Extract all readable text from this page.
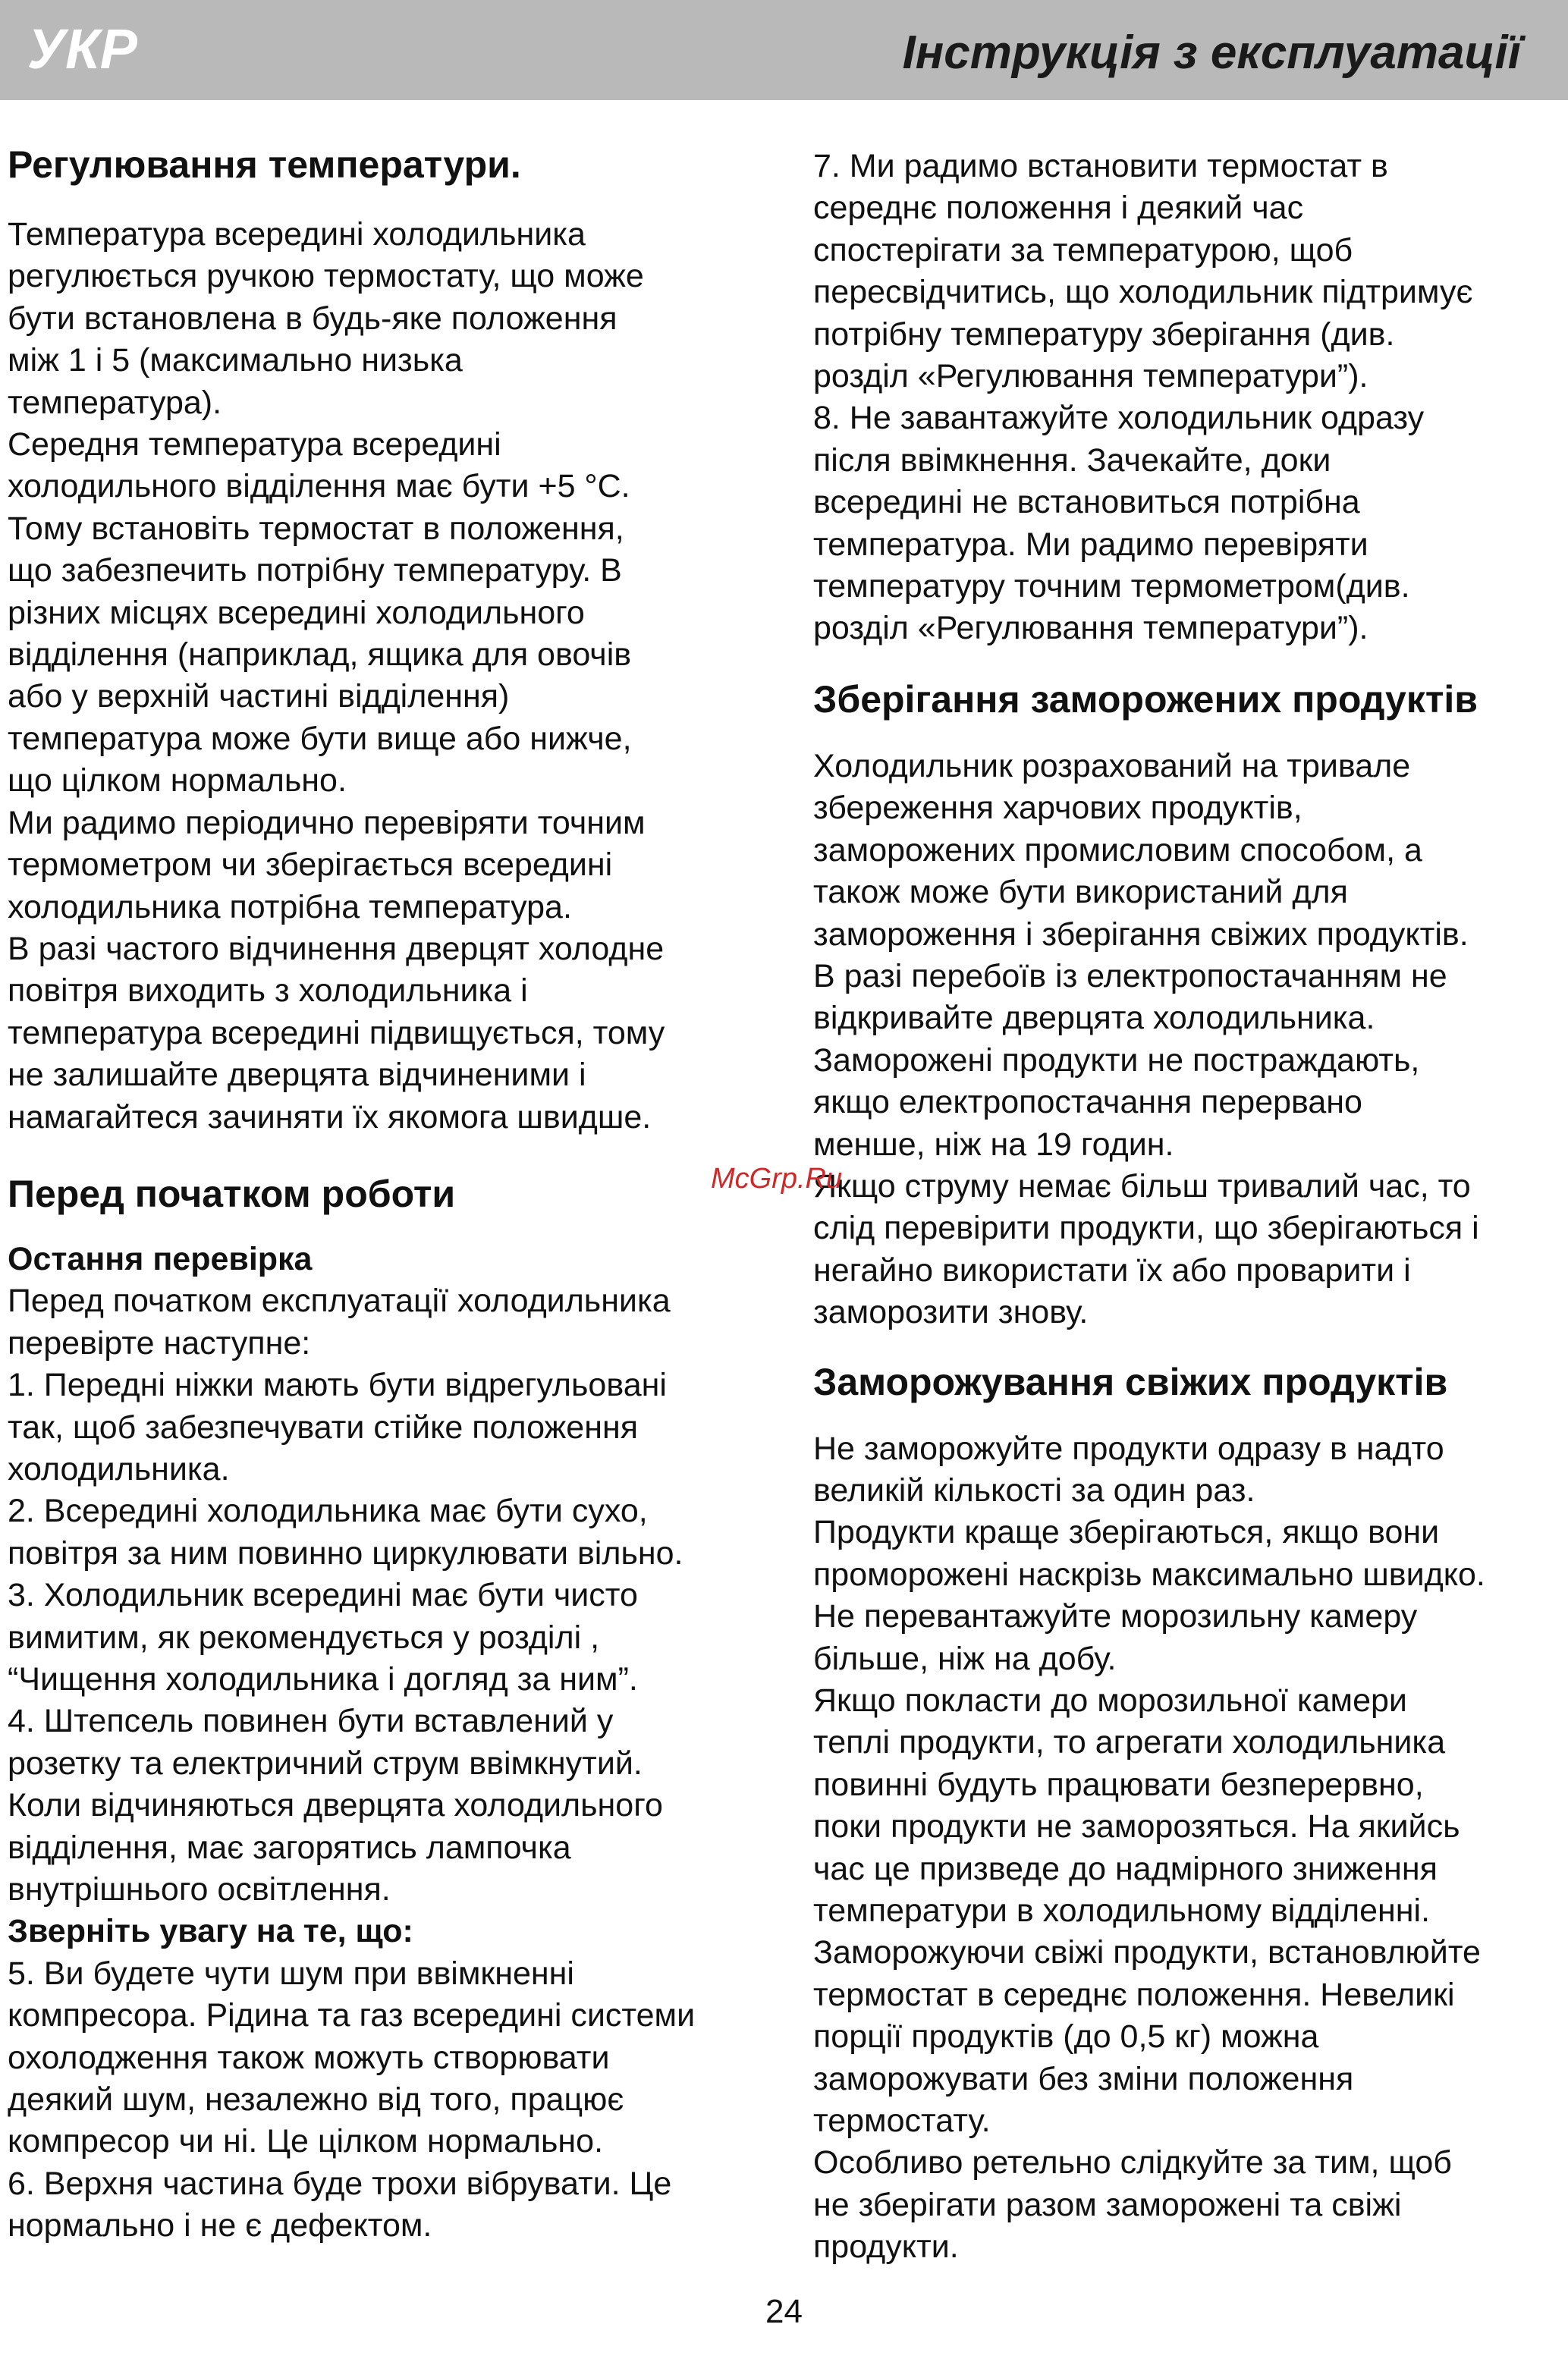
УКР	Інструкція з експлуатації
Регулювання температури.

Температура всередині холодильника

регулюється ручкою термостату, що може

бути встановлена в будь-яке положення

між 1 і 5 (максимально низька

температура).

Середня температура всередині

холодильного відділення має бути +5 °С.

Тому встановіть термостат в положення,

що забезпечить потрібну температуру. В

різних місцях всередині холодильного

відділення (наприклад, ящика для овочів

або у верхній частині відділення)

температура може бути вище або нижче,

що цілком нормально.

Ми радимо періодично перевіряти точним

термометром чи зберігається всередині

холодильника потрібна температура.

В разі частого відчинення дверцят холодне

повітря виходить з холодильника і

температура всередині підвищується, тому

не залишайте дверцята відчиненими і

намагайтеся зачиняти їх якомога швидше.

Перед початком роботи
Остання перевірка

Перед початком експлуатації холодильника

перевірте наступне:

1. Передні ніжки мають бути відрегульовані

так, щоб забезпечувати стійке положення

холодильника.

2. Всередині холодильника має бути сухо,

повітря за ним повинно циркулювати вільно.

3. Холодильник всередині має бути чисто

вимитим, як рекомендується у розділі ,

“Чищення холодильника і догляд за ним”.

4. Штепсель повинен бути вставлений у

розетку та електричний струм ввімкнутий.

Коли відчиняються дверцята холодильного

відділення, має загорятись лампочка

внутрішнього освітлення.

Зверніть увагу на те, що:

5. Ви будете чути шум при ввімкненні

компресора. Рідина та газ всередині системи

охолодження також можуть створювати

деякий шум, незалежно від того, працює

компресор чи ні. Це цілком нормально.

6. Верхня частина буде трохи вібрувати. Це

нормально і не є дефектом.

7. Ми радимо встановити термостат в

середнє положення і деякий час

спостерігати за температурою, щоб

пересвідчитись, що холодильник підтримує

потрібну температуру зберігання (див.

розділ «Регулювання температури”).

8. Не завантажуйте холодильник одразу

після ввімкнення. Зачекайте, доки

всередині не встановиться потрібна

температура. Ми радимо перевіряти

температуру точним термометром(див.

розділ «Регулювання температури”).

Зберігання заморожених продуктів

Холодильник розрахований на тривале

збереження харчових продуктів,

заморожених промисловим способом, а

також може бути використаний для

замороження і зберігання свіжих продуктів.

В разі перебоїв із електропостачанням не

відкривайте дверцята холодильника.

Заморожені продукти не постраждають,

якщо електропостачання перервано

менше, ніж на 19 годин.

Якщо струму немає більш тривалий час, то

слід перевірити продукти, що зберігаються і

негайно використати їх або проварити і

заморозити знову.

Заморожування свіжих продуктів

Не заморожуйте продукти одразу в надто

великій кількості за один раз.

Продукти краще зберігаються, якщо вони

проморожені наскрізь максимально швидко.

Не перевантажуйте морозильну камеру

більше, ніж на добу.

Якщо покласти до морозильної камери

теплі продукти, то агрегати холодильника

повинні будуть працювати безперервно,

поки продукти не заморозяться. На якийсь

час це призведе до надмірного зниження

температури в холодильному відділенні.

Заморожуючи свіжі продукти, встановлюйте

термостат в середнє положення. Невеликі

порції продуктів (до 0,5 кг) можна

заморожувати без зміни положення

термостату.

Особливо ретельно слідкуйте за тим, щоб

не зберігати разом заморожені та свіжі

продукти.

McGrp.Ru
24
